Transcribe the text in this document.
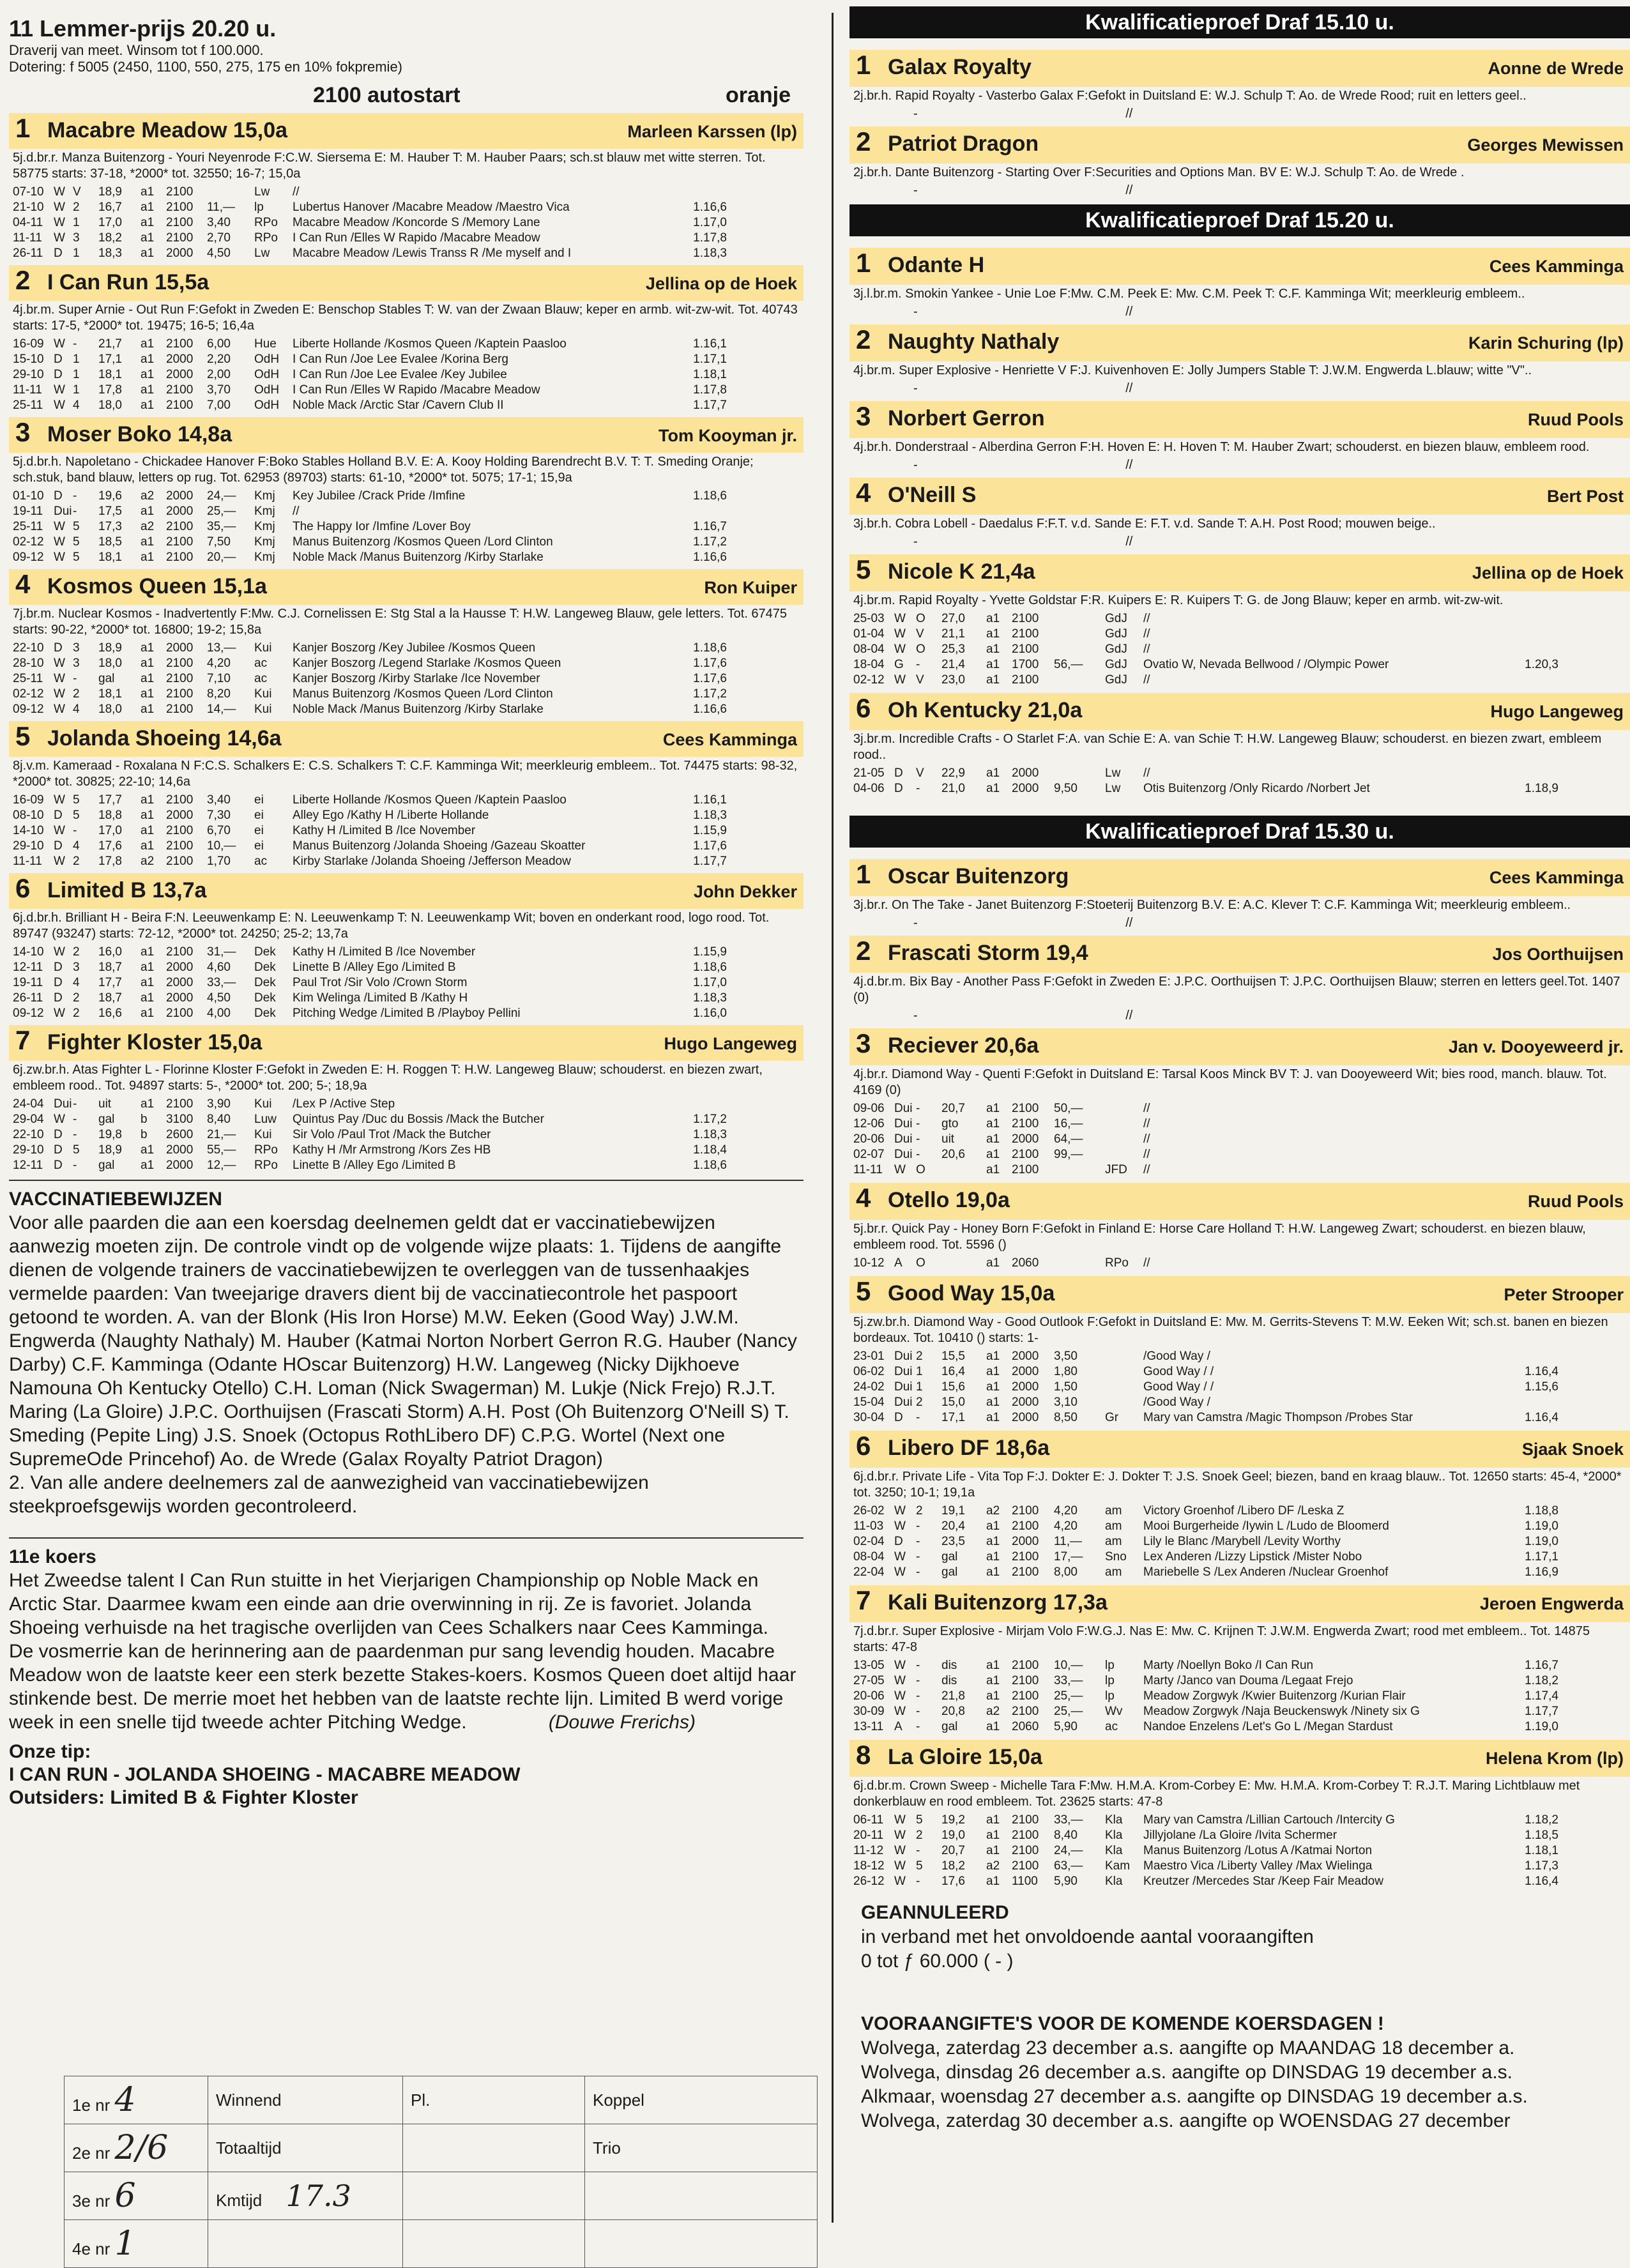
11 Lemmer-prijs 20.20 u.
Draverij van meet. Winsom tot f 100.000.
Dotering: f 5005 (2450, 1100, 550, 275, 175 en 10% fokpremie)
2100 autostart	oranje
1 Macabre Meadow 15,0a	Marleen Karssen (lp)
5j.d.br.r. Manza Buitenzorg - Youri Neyenrode F:C.W. Siersema E: M. Hauber T: M. Hauber Paars; sch.st blauw met witte sterren. Tot. 58775 starts: 37-18, *2000* tot. 32550; 16-7; 15,0a
07-10 W V	18,9	a1 2100	Lw	//
21-10 W 2	16,7	a1 2100	11,—	lp	Lubertus Hanover /Macabre Meadow /Maestro Vica	1.16,6
04-11 W 1	17,0	a1 2100	3,40	RPo	Macabre Meadow /Koncorde S /Memory Lane	1.17,0
11-11 W 3	18,2	a1 2100	2,70	RPo	I Can Run /Elles W Rapido /Macabre Meadow	1.17,8
26-11 D 1	18,3	a1 2000	4,50	Lw	Macabre Meadow /Lewis Transs R /Me myself and I	1.18,3
2 I Can Run 15,5a	Jellina op de Hoek
4j.br.m. Super Arnie - Out Run F:Gefokt in Zweden E: Benschop Stables T: W. van der Zwaan Blauw; keper en armb. wit-zw-wit. Tot. 40743 starts: 17-5, *2000* tot. 19475; 16-5; 16,4a
16-09 W -	21,7	a1 2100	6,00	Hue	Liberte Hollande /Kosmos Queen /Kaptein Paasloo	1.16,1
15-10 D 1	17,1	a1 2000	2,20	OdH	I Can Run /Joe Lee Evalee /Korina Berg	1.17,1
29-10 D 1	18,1	a1 2000	2,00	OdH	I Can Run /Joe Lee Evalee /Key Jubilee	1.18,1
11-11 W 1	17,8	a1 2100	3,70	OdH	I Can Run /Elles W Rapido /Macabre Meadow	1.17,8
25-11 W 4	18,0	a1 2100	7,00	OdH	Noble Mack /Arctic Star /Cavern Club II	1.17,7
3 Moser Boko 14,8a	Tom Kooyman jr.
5j.d.br.h. Napoletano - Chickadee Hanover F:Boko Stables Holland B.V. E: A. Kooy Holding Barendrecht B.V. T: T. Smeding Oranje; sch.stuk, band blauw, letters op rug. Tot. 62953 (89703) starts: 61-10, *2000* tot. 5075; 17-1; 15,9a
01-10 D -	19,6	a2 2000	24,—	Kmj	Key Jubilee /Crack Pride /Imfine	1.18,6
19-11 Dui -	17,5	a1 2000	25,—	Kmj	//
25-11 W 5	17,3	a2 2100	35,—	Kmj	The Happy Ior /Imfine /Lover Boy	1.16,7
02-12 W 5	18,5	a1 2100	7,50	Kmj	Manus Buitenzorg /Kosmos Queen /Lord Clinton	1.17,2
09-12 W 5	18,1	a1 2100	20,—	Kmj	Noble Mack /Manus Buitenzorg /Kirby Starlake	1.16,6
4 Kosmos Queen 15,1a	Ron Kuiper
7j.br.m. Nuclear Kosmos - Inadvertently F:Mw. C.J. Cornelissen E: Stg Stal a la Hausse T: H.W. Langeweg Blauw, gele letters. Tot. 67475 starts: 90-22, *2000* tot. 16800; 19-2; 15,8a
22-10 D 3	18,9	a1 2000	13,—	Kui	Kanjer Boszorg /Key Jubilee /Kosmos Queen	1.18,6
28-10 W 3	18,0	a1 2100	4,20	ac	Kanjer Boszorg /Legend Starlake /Kosmos Queen	1.17,6
25-11 W -	gal	a1 2100	7,10	ac	Kanjer Boszorg /Kirby Starlake /Ice November	1.17,6
02-12 W 2	18,1	a1 2100	8,20	Kui	Manus Buitenzorg /Kosmos Queen /Lord Clinton	1.17,2
09-12 W 4	18,0	a1 2100	14,—	Kui	Noble Mack /Manus Buitenzorg /Kirby Starlake	1.16,6
5 Jolanda Shoeing 14,6a	Cees Kamminga
8j.v.m. Kameraad - Roxalana N F:C.S. Schalkers E: C.S. Schalkers T: C.F. Kamminga Wit; meerkleurig embleem.. Tot. 74475 starts: 98-32, *2000* tot. 30825; 22-10; 14,6a
16-09 W 5	17,7	a1 2100	3,40	ei	Liberte Hollande /Kosmos Queen /Kaptein Paasloo	1.16,1
08-10 D 5	18,8	a1 2000	7,30	ei	Alley Ego /Kathy H /Liberte Hollande	1.18,3
14-10 W -	17,0	a1 2100	6,70	ei	Kathy H /Limited B /Ice November	1.15,9
29-10 D 4	17,6	a1 2100	10,—	ei	Manus Buitenzorg /Jolanda Shoeing /Gazeau Skoatter	1.17,6
11-11 W 2	17,8	a2 2100	1,70	ac	Kirby Starlake /Jolanda Shoeing /Jefferson Meadow	1.17,7
6 Limited B 13,7a	John Dekker
6j.d.br.h. Brilliant H - Beira F:N. Leeuwenkamp E: N. Leeuwenkamp T: N. Leeuwenkamp Wit; boven en onderkant rood, logo rood. Tot. 89747 (93247) starts: 72-12, *2000* tot. 24250; 25-2; 13,7a
14-10 W 2	16,0	a1 2100	31,—	Dek	Kathy H /Limited B /Ice November	1.15,9
12-11 D 3	18,7	a1 2000	4,60	Dek	Linette B /Alley Ego /Limited B	1.18,6
19-11 D 4	17,7	a1 2000	33,—	Dek	Paul Trot /Sir Volo /Crown Storm	1.17,0
26-11 D 2	18,7	a1 2000	4,50	Dek	Kim Welinga /Limited B /Kathy H	1.18,3
09-12 W 2	16,6	a1 2100	4,00	Dek	Pitching Wedge /Limited B /Playboy Pellini	1.16,0
7 Fighter Kloster 15,0a	Hugo Langeweg
6j.zw.br.h. Atas Fighter L - Florinne Kloster F:Gefokt in Zweden E: H. Roggen T: H.W. Langeweg Blauw; schouderst. en biezen zwart, embleem rood.. Tot. 94897 starts: 5-, *2000* tot. 200; 5-; 18,9a
24-04 Dui -	uit	a1 2100	3,90	Kui	/Lex P /Active Step
29-04 W -	gal	b	3100	8,40	Luw	Quintus Pay /Duc du Bossis /Mack the Butcher	1.17,2
22-10 D -	19,8	b	2600	21,—	Kui	Sir Volo /Paul Trot /Mack the Butcher	1.18,3
29-10 D 5	18,9	a1 2000	55,—	RPo	Kathy H /Mr Armstrong /Kors Zes HB	1.18,4
12-11 D -	gal	a1 2000	12,—	RPo	Linette B /Alley Ego /Limited B	1.18,6
VACCINATIEBEWIJZEN
Voor alle paarden die aan een koersdag deelnemen geldt dat er vaccinatiebewijzen aanwezig moeten zijn. De controle vindt op de volgende wijze plaats: 1. Tijdens de aangifte dienen de volgende trainers de vaccinatiebewijzen te overleggen van de tussenhaakjes vermelde paarden: Van tweejarige dravers dient bij de vaccinatiecontrole het paspoort getoond te worden. A. van der Blonk (His Iron Horse) M.W. Eeken (Good Way) J.W.M. Engwerda (Naughty Nathaly) M. Hauber (Katmai Norton Norbert Gerron R.G. Hauber (Nancy Darby) C.F. Kamminga (Odante HOscar Buitenzorg) H.W. Langeweg (Nicky Dijkhoeve Namouna Oh Kentucky Otello) C.H. Loman (Nick Swagerman) M. Lukje (Nick Frejo) R.J.T. Maring (La Gloire) J.P.C. Oorthuijsen (Frascati Storm) A.H. Post (Oh Buitenzorg O'Neill S) T. Smeding (Pepite Ling) J.S. Snoek (Octopus RothLibero DF) C.P.G. Wortel (Next one SupremeOde Princehof) Ao. de Wrede (Galax Royalty Patriot Dragon)
2. Van alle andere deelnemers zal de aanwezigheid van vaccinatiebewijzen steekproefsgewijs worden gecontroleerd.
11e koers
Het Zweedse talent I Can Run stuitte in het Vierjarigen Championship op Noble Mack en Arctic Star. Daarmee kwam een einde aan drie overwinning in rij. Ze is favoriet. Jolanda Shoeing verhuisde na het tragische overlijden van Cees Schalkers naar Cees Kamminga. De vosmerrie kan de herinnering aan de paardenman pur sang levendig houden. Macabre Meadow won de laatste keer een sterk bezette Stakes-koers. Kosmos Queen doet altijd haar stinkende best. De merrie moet het hebben van de laatste rechte lijn. Limited B werd vorige week in een snelle tijd tweede achter Pitching Wedge.	(Douwe Frerichs)
Onze tip:
I CAN RUN - JOLANDA SHOEING - MACABRE MEADOW
Outsiders: Limited B & Fighter Kloster
1e nr 4	Winnend	Pl.	Koppel
2e nr 2/6	Totaaltijd		Trio
3e nr 6	Kmtijd 17.3		
4e nr 1			
Kwalificatieproef Draf 15.10 u.
1 Galax Royalty	Aonne de Wrede
2j.br.h. Rapid Royalty - Vasterbo Galax F:Gefokt in Duitsland E: W.J. Schulp T: Ao. de Wrede Rood; ruit en letters geel..
-	//
2 Patriot Dragon	Georges Mewissen
2j.br.h. Dante Buitenzorg - Starting Over F:Securities and Options Man. BV E: W.J. Schulp T: Ao. de Wrede .
-	//
Kwalificatieproef Draf 15.20 u.
1 Odante H	Cees Kamminga
3j.l.br.m. Smokin Yankee - Unie Loe F:Mw. C.M. Peek E: Mw. C.M. Peek T: C.F. Kamminga Wit; meerkleurig embleem..
-	//
2 Naughty Nathaly	Karin Schuring (lp)
4j.br.m. Super Explosive - Henriette V F:J. Kuivenhoven E: Jolly Jumpers Stable T: J.W.M. Engwerda L.blauw; witte "V"..
-	//
3 Norbert Gerron	Ruud Pools
4j.br.h. Donderstraal - Alberdina Gerron F:H. Hoven E: H. Hoven T: M. Hauber Zwart; schouderst. en biezen blauw, embleem rood.
-	//
4 O'Neill S	Bert Post
3j.br.h. Cobra Lobell - Daedalus F:F.T. v.d. Sande E: F.T. v.d. Sande T: A.H. Post Rood; mouwen beige..
-	//
5 Nicole K 21,4a	Jellina op de Hoek
4j.br.m. Rapid Royalty - Yvette Goldstar F:R. Kuipers E: R. Kuipers T: G. de Jong Blauw; keper en armb. wit-zw-wit.
25-03 W O	27,0	a1 2100	GdJ	//
01-04 W V	21,1	a1 2100	GdJ	//
08-04 W O	25,3	a1 2100	GdJ	//
18-04 G	-	21,4	a1 1700	56,—	GdJ	Ovatio W, Nevada Bellwood / /Olympic Power	1.20,3
02-12 W V	23,0	a1 2100	GdJ	//
6 Oh Kentucky 21,0a	Hugo Langeweg
3j.br.m. Incredible Crafts - O Starlet F:A. van Schie E: A. van Schie T: H.W. Langeweg Blauw; schouderst. en biezen zwart, embleem rood..
21-05 D	V	22,9	a1 2000	Lw	//
04-06 D	-	21,0	a1 2000	9,50	Lw	Otis Buitenzorg /Only Ricardo /Norbert Jet	1.18,9
Kwalificatieproef Draf 15.30 u.
1 Oscar Buitenzorg	Cees Kamminga
3j.br.r. On The Take - Janet Buitenzorg F:Stoeterij Buitenzorg B.V. E: A.C. Klever T: C.F. Kamminga Wit; meerkleurig embleem..
-	//
2 Frascati Storm 19,4	Jos Oorthuijsen
4j.d.br.m. Bix Bay - Another Pass F:Gefokt in Zweden E: J.P.C. Oorthuijsen T: J.P.C. Oorthuijsen Blauw; sterren en letters geel.Tot. 1407 (0)
-	//
3 Reciever 20,6a	Jan v. Dooyeweerd jr.
4j.br.r. Diamond Way - Quenti F:Gefokt in Duitsland E: Tarsal Koos Minck BV T: J. van Dooyeweerd Wit; bies rood, manch. blauw. Tot. 4169 (0)
09-06 Dui -	20,7	a1 2100	50,—	//
12-06 Dui -	gto	a1 2100	16,—	//
20-06 Dui -	uit	a1 2000	64,—	//
02-07 Dui -	20,6	a1 2100	99,—	//
11-11 W O	a1 2100	JFD	//
4 Otello 19,0a	Ruud Pools
5j.br.r. Quick Pay - Honey Born F:Gefokt in Finland E: Horse Care Holland T: H.W. Langeweg Zwart; schouderst. en biezen blauw, embleem rood. Tot. 5596 ()
10-12 A	O	a1 2060	RPo	//
5 Good Way 15,0a	Peter Strooper
5j.zw.br.h. Diamond Way - Good Outlook F:Gefokt in Duitsland E: Mw. M. Gerrits-Stevens T: M.W. Eeken Wit; sch.st. banen en biezen bordeaux. Tot. 10410 () starts: 1-
23-01 Dui 2	15,5	a1 2000	3,50	/Good Way /
06-02 Dui 1	16,4	a1 2000	1,80	Good Way / /	1.16,4
24-02 Dui 1	15,6	a1 2000	1,50	Good Way / /	1.15,6
15-04 Dui 2	15,0	a1 2000	3,10	/Good Way /
30-04 D	-	17,1	a1 2000	8,50	Gr	Mary van Camstra /Magic Thompson /Probes Star	1.16,4
6 Libero DF 18,6a	Sjaak Snoek
6j.d.br.r. Private Life - Vita Top F:J. Dokter E: J. Dokter T: J.S. Snoek Geel; biezen, band en kraag blauw.. Tot. 12650 starts: 45-4, *2000* tot. 3250; 10-1; 19,1a
26-02 W 2	19,1	a2 2100	4,20	am	Victory Groenhof /Libero DF /Leska Z	1.18,8
11-03 W -	20,4	a1 2100	4,20	am	Mooi Burgerheide /Iywin L /Ludo de Bloomerd	1.19,0
02-04 D	-	23,5	a1 2000	11,—	am	Lily le Blanc /Marybell /Levity Worthy	1.19,0
08-04 W -	gal	a1 2100	17,—	Sno	Lex Anderen /Lizzy Lipstick /Mister Nobo	1.17,1
22-04 W -	gal	a1 2100	8,00	am	Mariebelle S /Lex Anderen /Nuclear Groenhof	1.16,9
7 Kali Buitenzorg 17,3a	Jeroen Engwerda
7j.d.br.r. Super Explosive - Mirjam Volo F:W.G.J. Nas E: Mw. C. Krijnen T: J.W.M. Engwerda Zwart; rood met embleem.. Tot. 14875 starts: 47-8
13-05 W -	dis	a1 2100	10,—	lp	Marty /Noellyn Boko /I Can Run	1.16,7
27-05 W -	dis	a1 2100	33,—	lp	Marty /Janco van Douma /Legaat Frejo	1.18,2
20-06 W -	21,8	a1 2100	25,—	lp	Meadow Zorgwyk /Kwier Buitenzorg /Kurian Flair	1.17,4
30-09 W -	20,8	a2 2100	25,—	Wv	Meadow Zorgwyk /Naja Beuckenswyk /Ninety six G	1.17,7
13-11 A	-	gal	a1 2060	5,90	ac	Nandoe Enzelens /Let's Go L /Megan Stardust	1.19,0
8 La Gloire 15,0a	Helena Krom (lp)
6j.d.br.m. Crown Sweep - Michelle Tara F:Mw. H.M.A. Krom-Corbey E: Mw. H.M.A. Krom-Corbey T: R.J.T. Maring Lichtblauw met donkerblauw en rood embleem. Tot. 23625 starts: 47-8
06-11 W 5	19,2	a1 2100	33,—	Kla	Mary van Camstra /Lillian Cartouch /Intercity G	1.18,2
20-11 W 2	19,0	a1 2100	8,40	Kla	Jillyjolane /La Gloire /Ivita Schermer	1.18,5
11-12 W -	20,7	a1 2100	24,—	Kla	Manus Buitenzorg /Lotus A /Katmai Norton	1.18,1
18-12 W 5	18,2	a2 2100	63,—	Kam	Maestro Vica /Liberty Valley /Max Wielinga	1.17,3
26-12 W -	17,6	a1 1100	5,90	Kla	Kreutzer /Mercedes Star /Keep Fair Meadow	1.16,4
GEANNULEERD
in verband met het onvoldoende aantal vooraangiften
0 tot ƒ 60.000 ( - )
VOORAANGIFTE'S VOOR DE KOMENDE KOERSDAGEN !
Wolvega, zaterdag 23 december a.s. aangifte op MAANDAG 18 december a.
Wolvega, dinsdag 26 december a.s. aangifte op DINSDAG 19 december a.s.
Alkmaar, woensdag 27 december a.s. aangifte op DINSDAG 19 december a.s.
Wolvega, zaterdag 30 december a.s. aangifte op WOENSDAG 27 december
